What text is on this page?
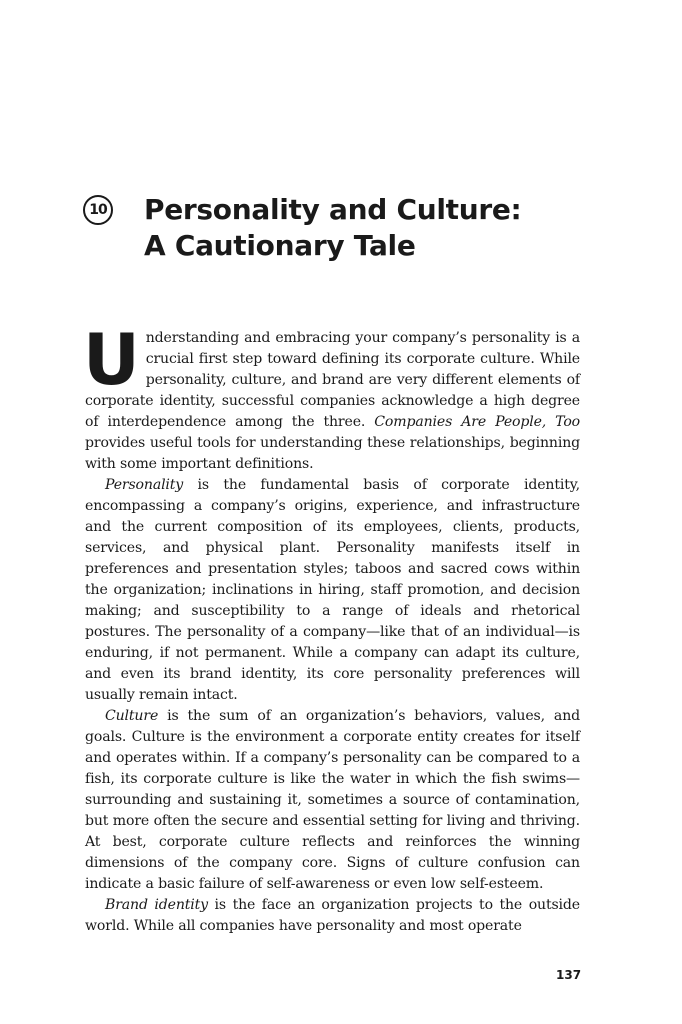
10 Personality and Culture:
A Cautionary Tale

Understanding and embracing your company’s personality is a crucial first step toward defining its corporate culture. While personality, culture, and brand are very different elements of corporate identity, successful companies acknowledge a high degree of interdependence among the three. Companies Are People, Too provides useful tools for understanding these relationships, beginning with some important definitions.

Personality is the fundamental basis of corporate identity, encompassing a company’s origins, experience, and infrastructure and the current composition of its employees, clients, products, services, and physical plant. Personality manifests itself in preferences and presentation styles; taboos and sacred cows within the organization; inclinations in hiring, staff promotion, and decision making; and susceptibility to a range of ideals and rhetorical postures. The personality of a company—like that of an individual—is enduring, if not permanent. While a company can adapt its culture, and even its brand identity, its core personality preferences will usually remain intact.

Culture is the sum of an organization’s behaviors, values, and goals. Culture is the environment a corporate entity creates for itself and operates within. If a company’s personality can be compared to a fish, its corporate culture is like the water in which the fish swims—surrounding and sustaining it, sometimes a source of contamination, but more often the secure and essential setting for living and thriving. At best, corporate culture reflects and reinforces the winning dimensions of the company core. Signs of culture confusion can indicate a basic failure of self-awareness or even low self-esteem.

Brand identity is the face an organization projects to the outside world. While all companies have personality and most operate

137
